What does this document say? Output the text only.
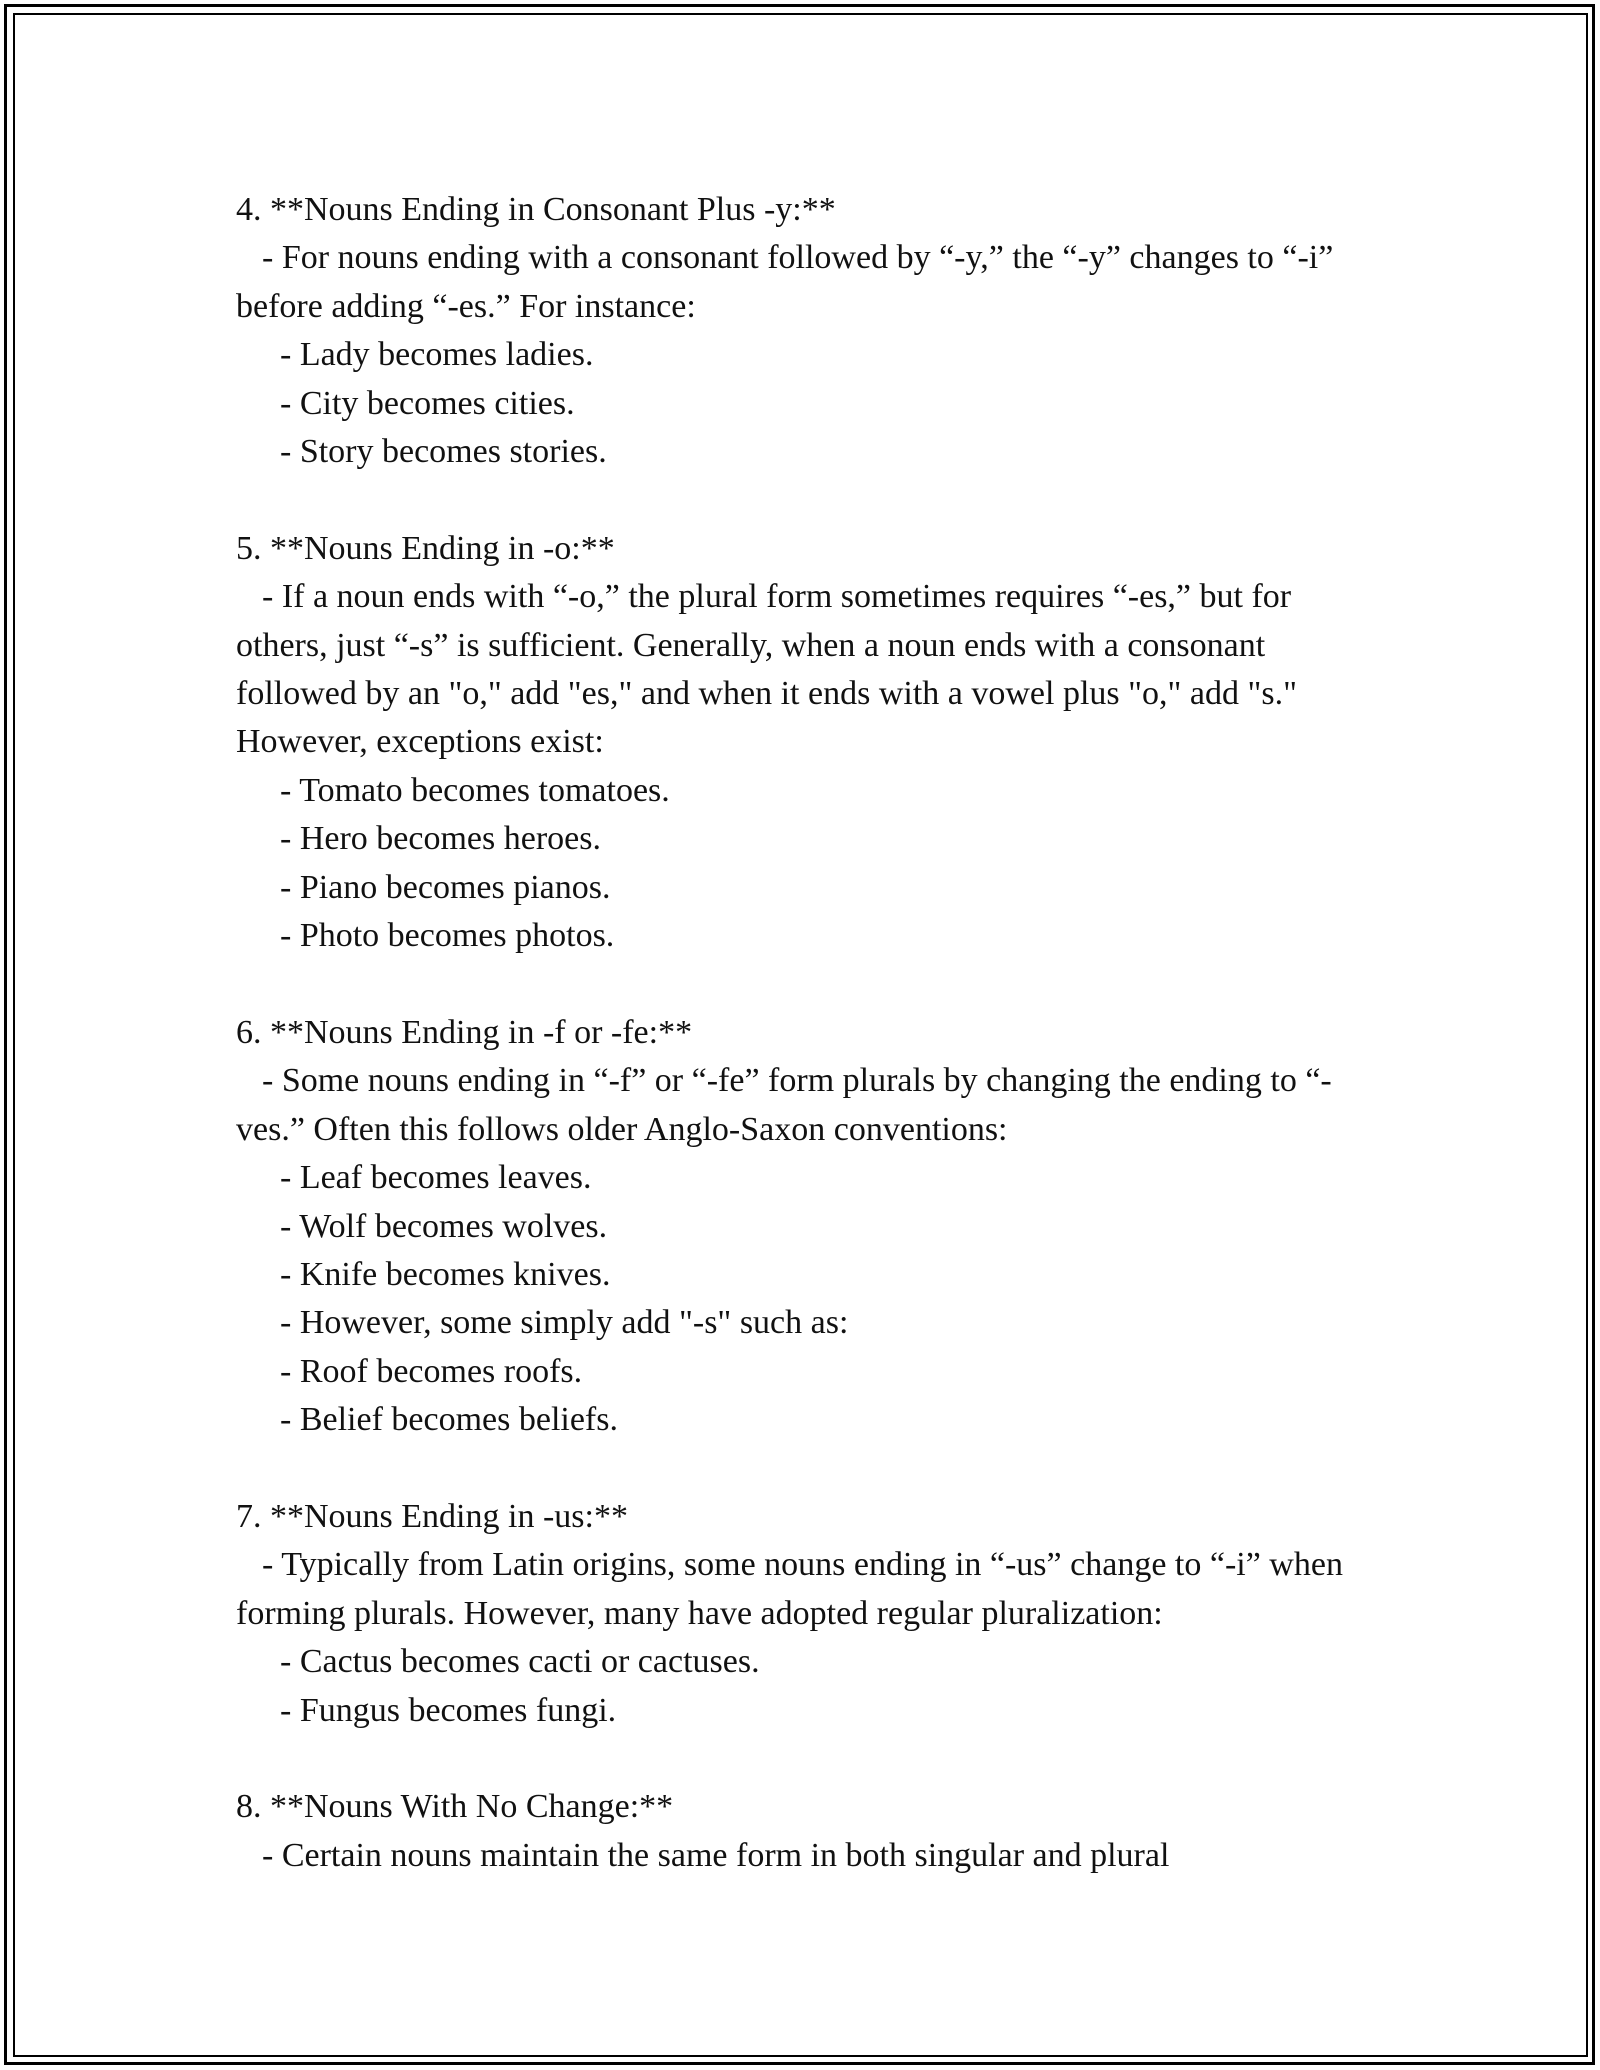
4. **Nouns Ending in Consonant Plus -y:**
- For nouns ending with a consonant followed by “-y,” the “-y” changes to “-i” before adding “-es.” For instance:
- Lady becomes ladies.
- City becomes cities.
- Story becomes stories.
5. **Nouns Ending in -o:**
- If a noun ends with “-o,” the plural form sometimes requires “-es,” but for others, just “-s” is sufficient. Generally, when a noun ends with a consonant followed by an "o," add "es," and when it ends with a vowel plus "o," add "s." However, exceptions exist:
- Tomato becomes tomatoes.
- Hero becomes heroes.
- Piano becomes pianos.
- Photo becomes photos.
6. **Nouns Ending in -f or -fe:**
- Some nouns ending in “-f” or “-fe” form plurals by changing the ending to “-ves.” Often this follows older Anglo-Saxon conventions:
- Leaf becomes leaves.
- Wolf becomes wolves.
- Knife becomes knives.
- However, some simply add "-s" such as:
- Roof becomes roofs.
- Belief becomes beliefs.
7. **Nouns Ending in -us:**
- Typically from Latin origins, some nouns ending in “-us” change to “-i” when forming plurals. However, many have adopted regular pluralization:
- Cactus becomes cacti or cactuses.
- Fungus becomes fungi.
8. **Nouns With No Change:**
- Certain nouns maintain the same form in both singular and plural
